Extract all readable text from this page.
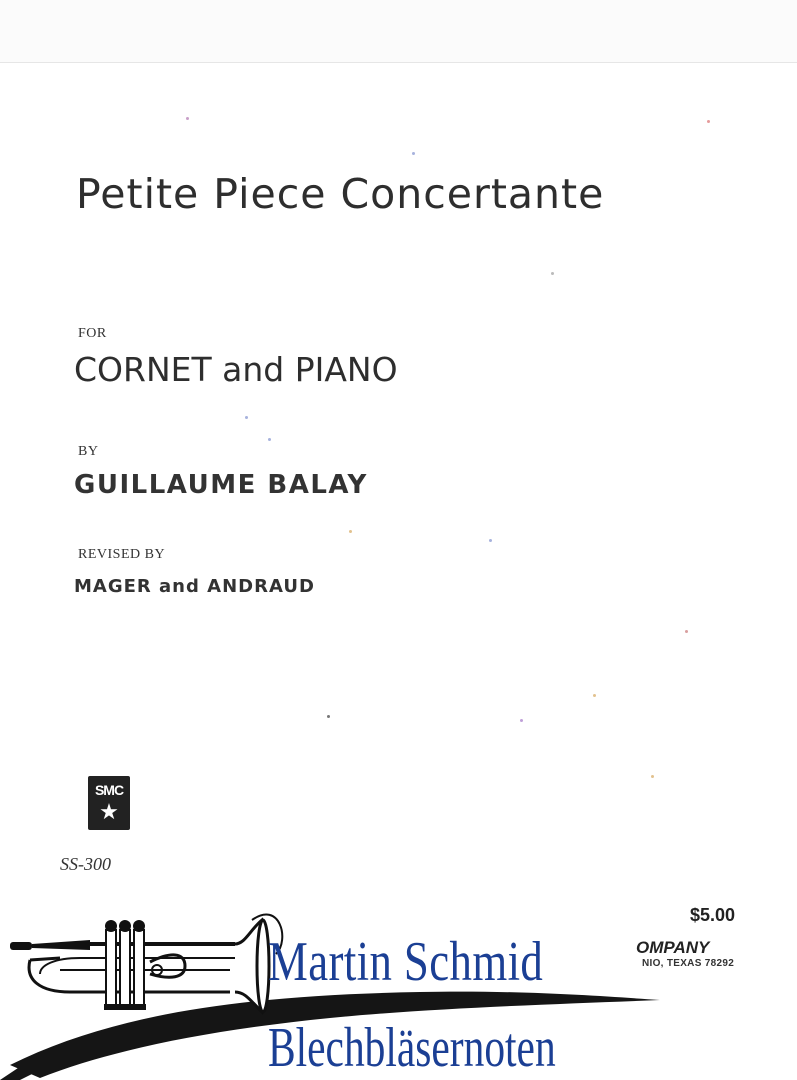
Petite Piece Concertante
FOR
CORNET and PIANO
BY
GUILLAUME BALAY
REVISED BY
MAGER and ANDRAUD
SMC
★
SS-300
$5.00
OMPANY
NIO, TEXAS 78292
Martin Schmid
Blechbläsernoten
